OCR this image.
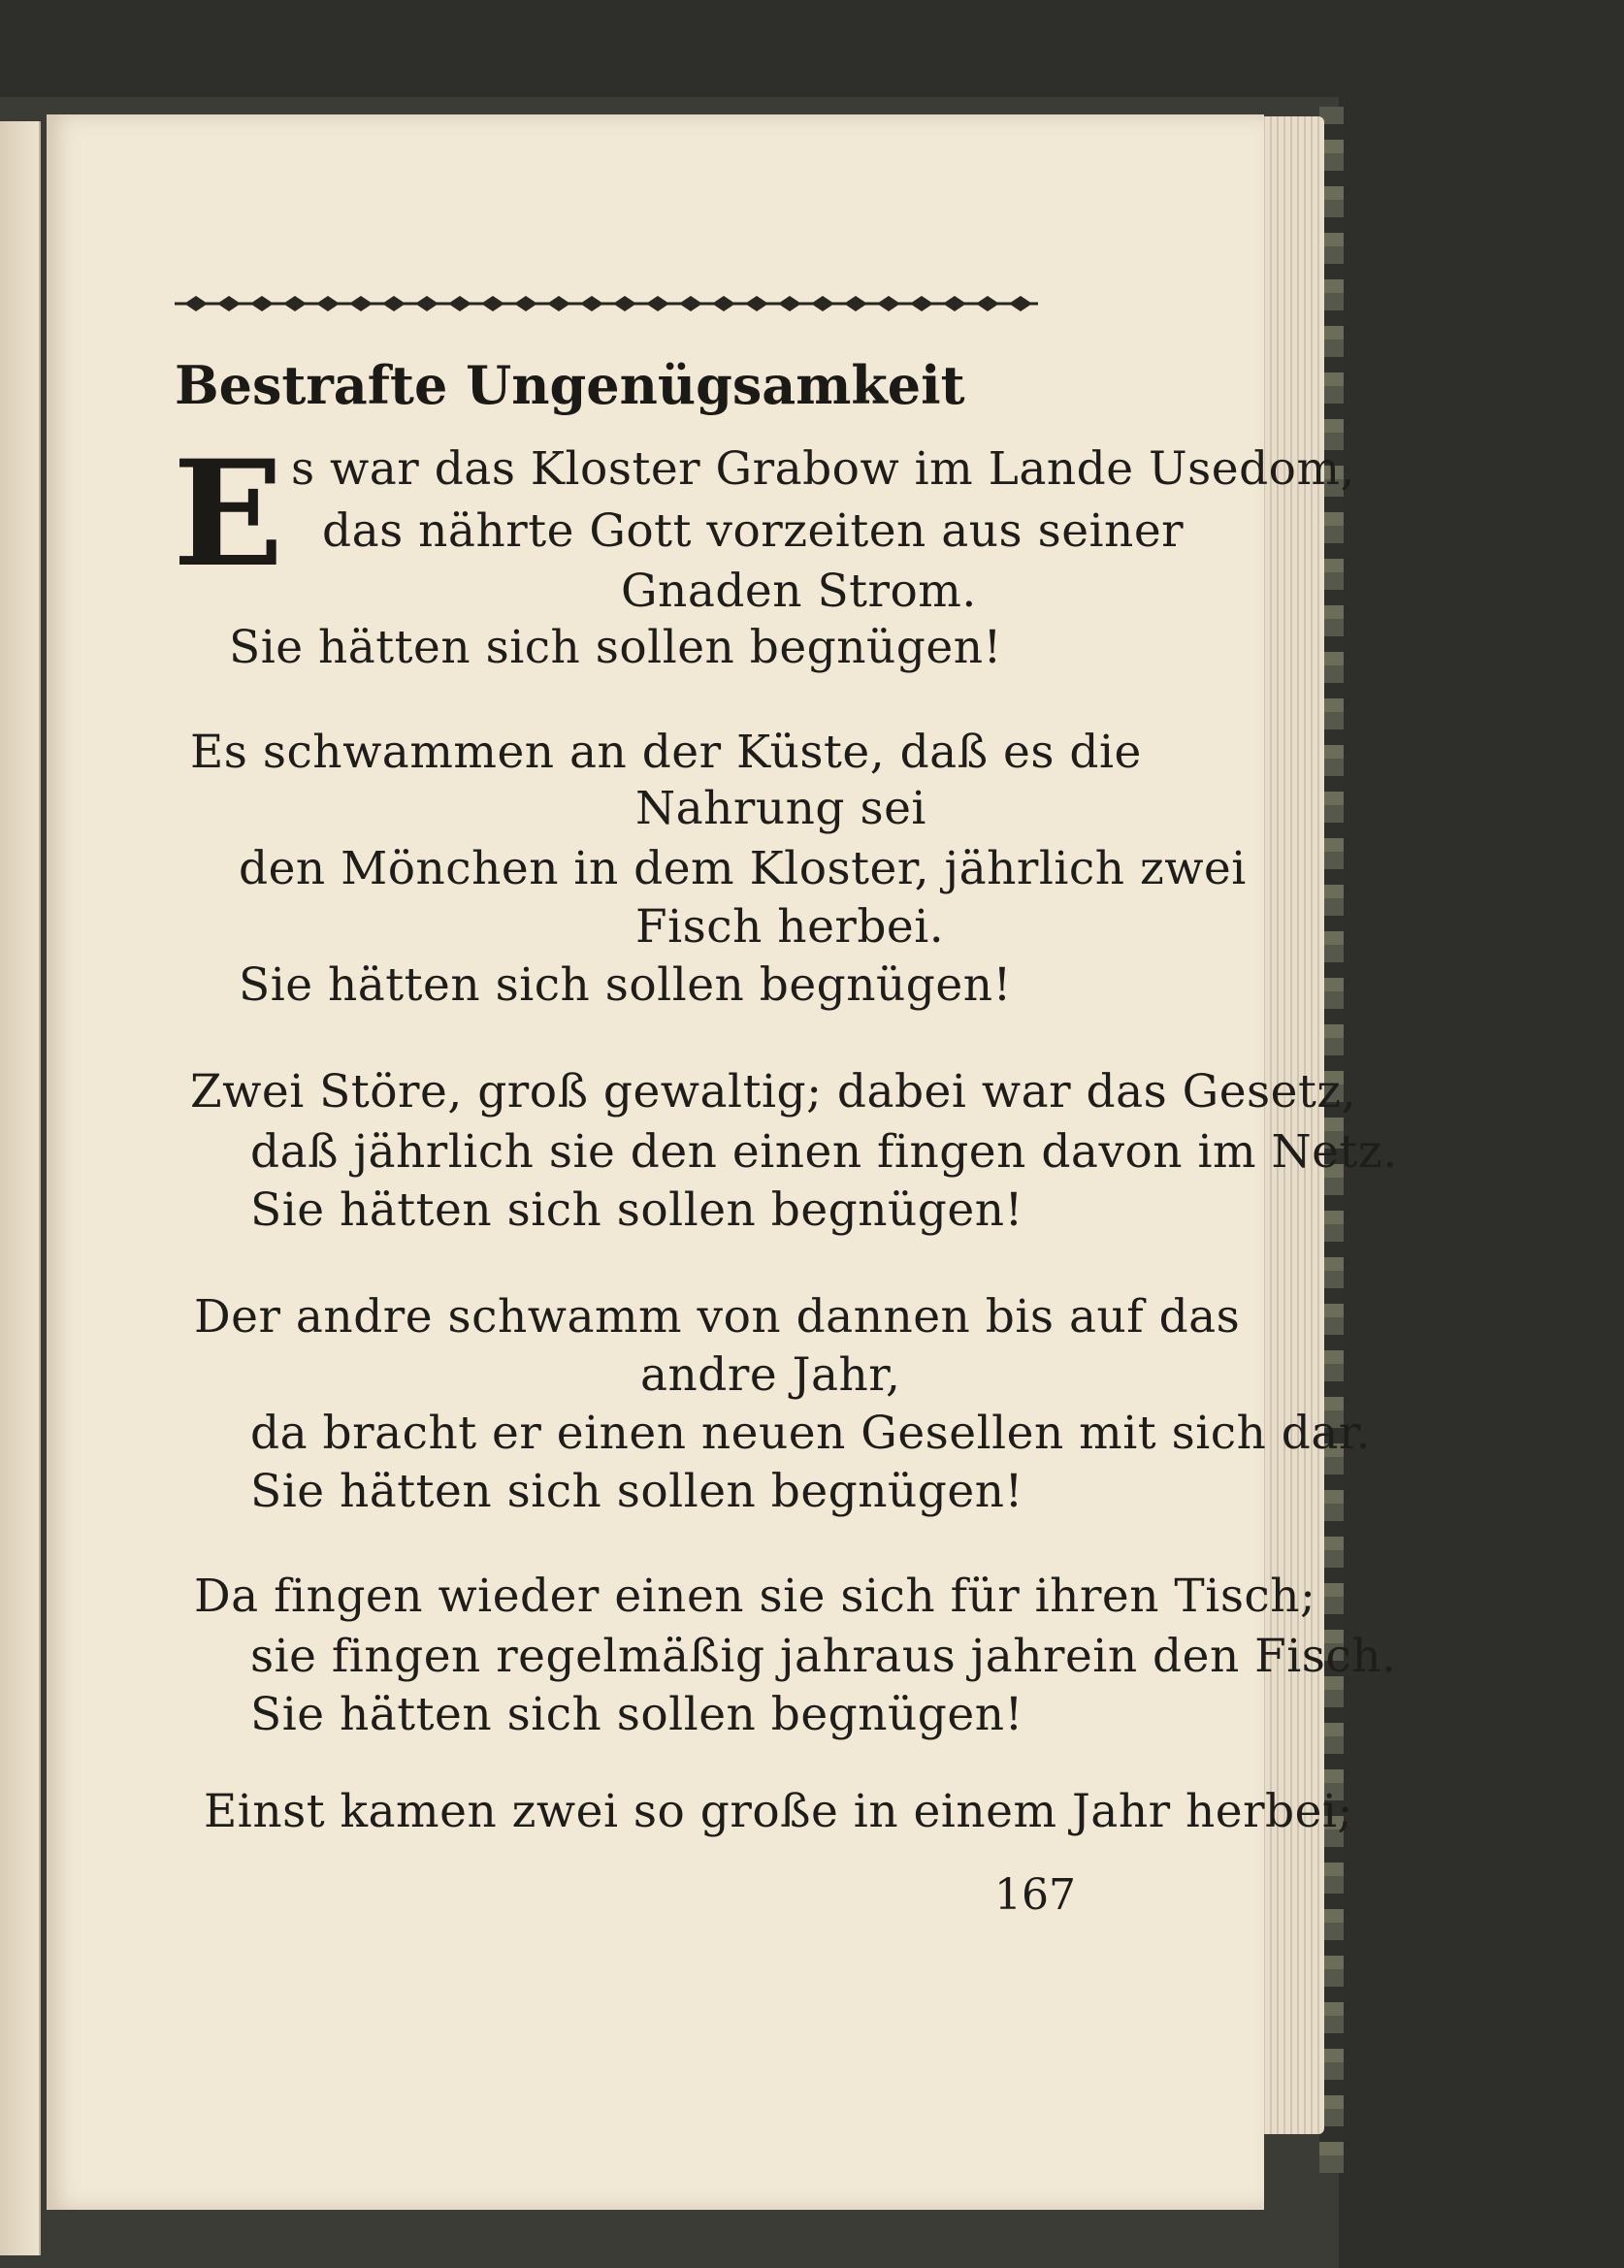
Bestrafte Ungenügsamkeit
E s war das Kloster Grabow im Lande Usedom,
das nährte Gott vorzeiten aus seiner
Gnaden Strom.
Sie hätten sich sollen begnügen!
Es schwammen an der Küste, daß es die
Nahrung sei
den Mönchen in dem Kloster, jährlich zwei
Fisch herbei.
Sie hätten sich sollen begnügen!
Zwei Störe, groß gewaltig; dabei war das Gesetz,
daß jährlich sie den einen fingen davon im Netz.
Sie hätten sich sollen begnügen!
Der andre schwamm von dannen bis auf das
andre Jahr,
da bracht er einen neuen Gesellen mit sich dar.
Sie hätten sich sollen begnügen!
Da fingen wieder einen sie sich für ihren Tisch;
sie fingen regelmäßig jahraus jahrein den Fisch.
Sie hätten sich sollen begnügen!
Einst kamen zwei so große in einem Jahr herbei;
167
